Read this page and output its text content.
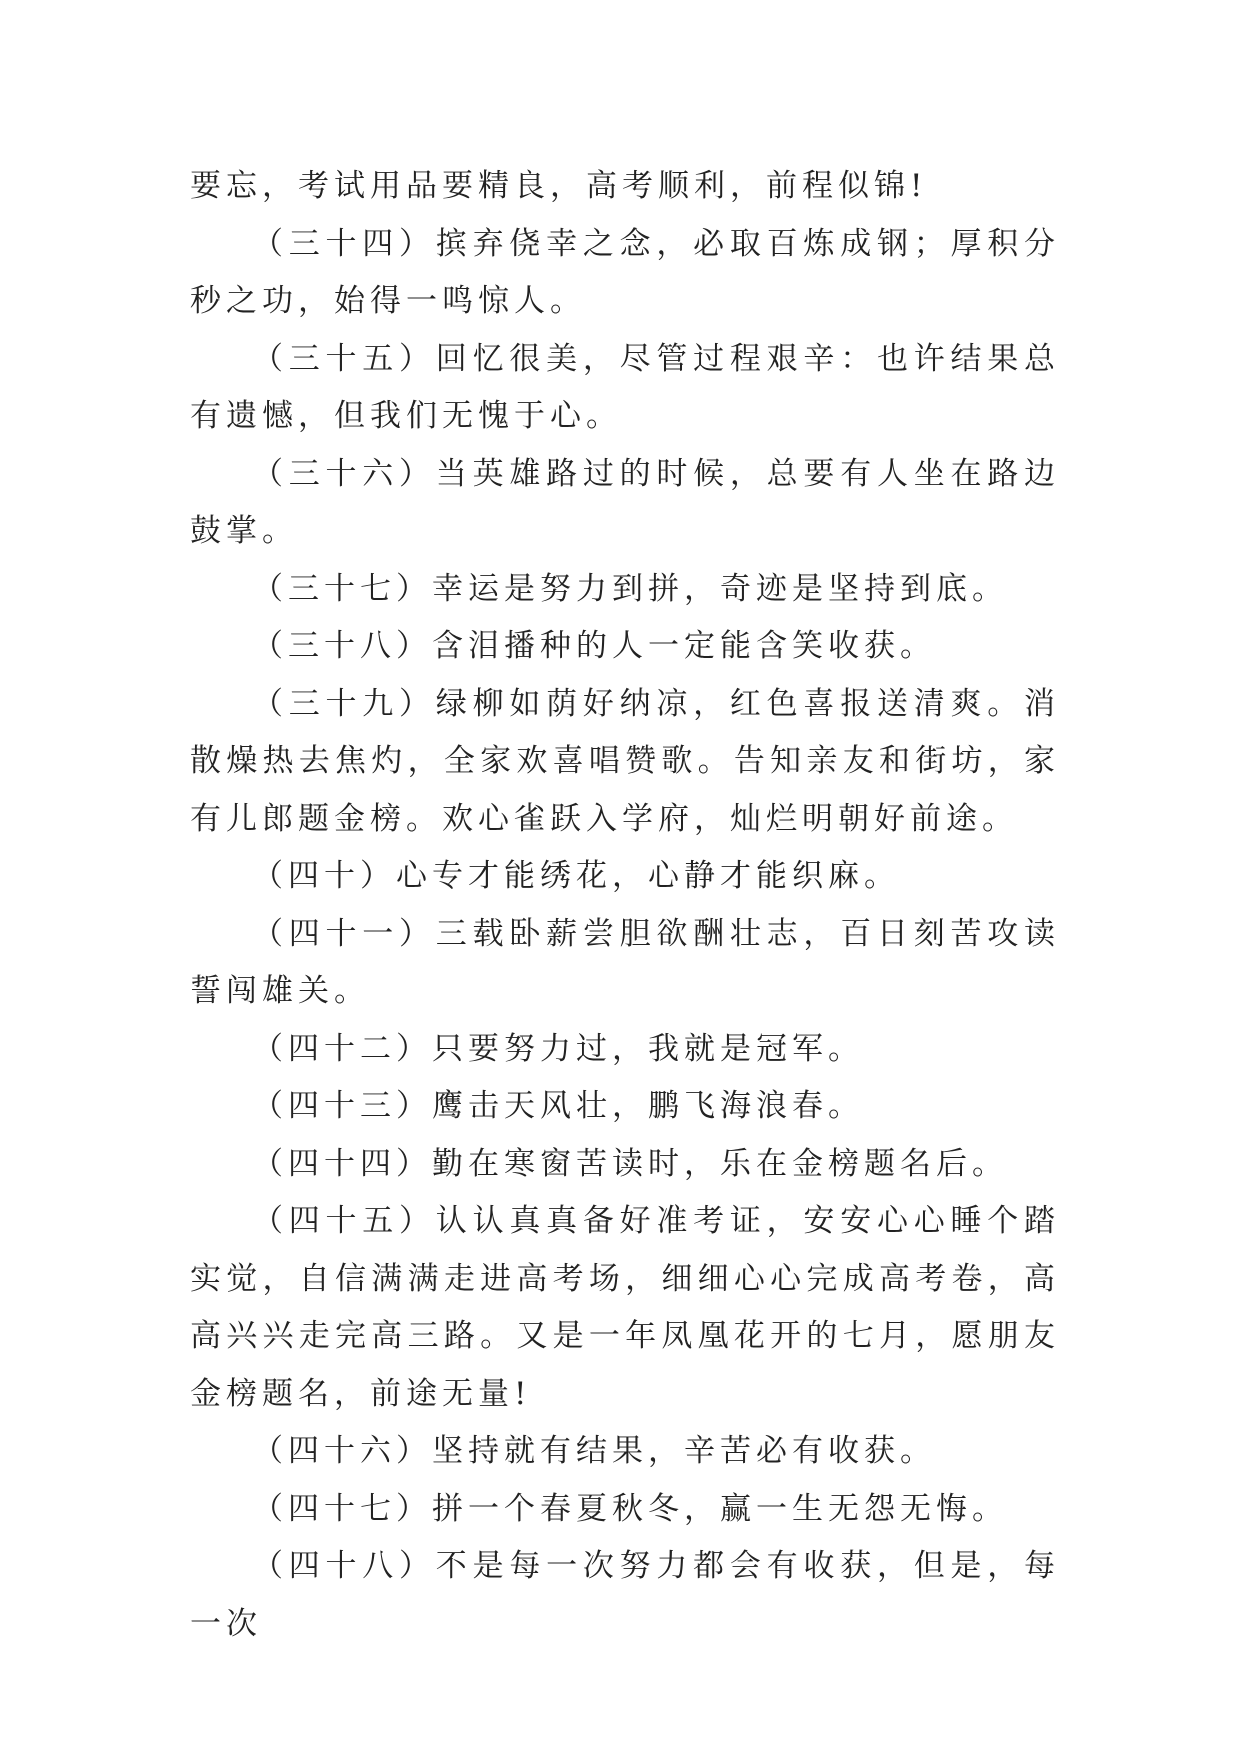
要忘，考试用品要精良，高考顺利，前程似锦!

（三十四）摈弃侥幸之念，必取百炼成钢；厚积分秒之功，始得一鸣惊人。

（三十五）回忆很美，尽管过程艰辛：也许结果总有遗憾，但我们无愧于心。

（三十六）当英雄路过的时候，总要有人坐在路边鼓掌。

（三十七）幸运是努力到拼，奇迹是坚持到底。

（三十八）含泪播种的人一定能含笑收获。

（三十九）绿柳如荫好纳凉，红色喜报送清爽。消散燥热去焦灼，全家欢喜唱赞歌。告知亲友和街坊，家有儿郎题金榜。欢心雀跃入学府，灿烂明朝好前途。

（四十）心专才能绣花，心静才能织麻。

（四十一）三载卧薪尝胆欲酬壮志，百日刻苦攻读誓闯雄关。

（四十二）只要努力过，我就是冠军。

（四十三）鹰击天风壮，鹏飞海浪春。

（四十四）勤在寒窗苦读时，乐在金榜题名后。

（四十五）认认真真备好准考证，安安心心睡个踏实觉，自信满满走进高考场，细细心心完成高考卷，高高兴兴走完高三路。又是一年凤凰花开的七月，愿朋友金榜题名，前途无量!

（四十六）坚持就有结果，辛苦必有收获。

（四十七）拼一个春夏秋冬，赢一生无怨无悔。

（四十八）不是每一次努力都会有收获，但是，每一次
